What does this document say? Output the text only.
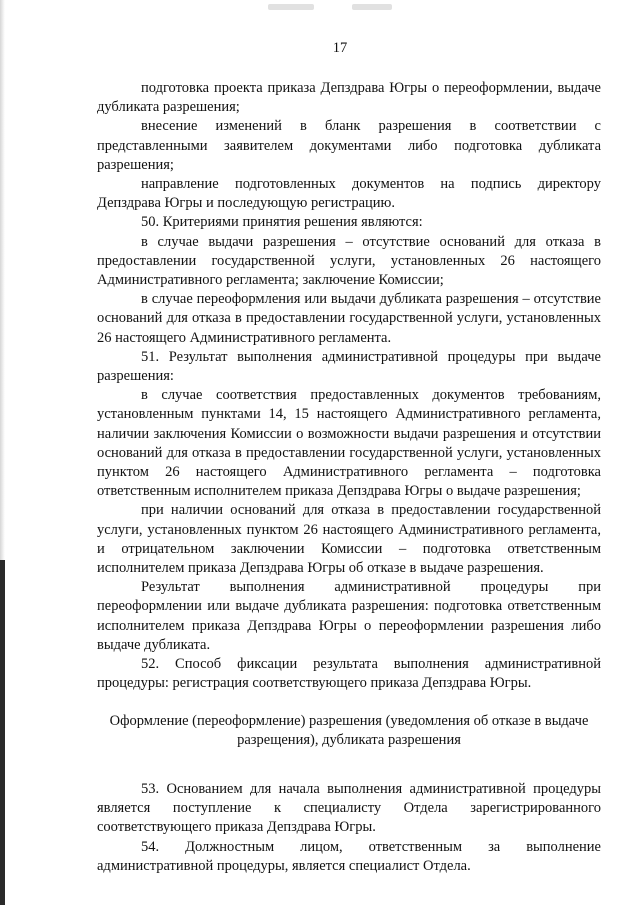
17

подготовка проекта приказа Депздрава Югры о переоформлении, выдаче дубликата разрешения;

внесение изменений в бланк разрешения в соответствии с представленными заявителем документами либо подготовка дубликата разрешения;

направление подготовленных документов на подпись директору Депздрава Югры и последующую регистрацию.

50. Критериями принятия решения являются:

в случае выдачи разрешения – отсутствие оснований для отказа в предоставлении государственной услуги, установленных 26 настоящего Административного регламента; заключение Комиссии;

в случае переоформления или выдачи дубликата разрешения – отсутствие оснований для отказа в предоставлении государственной услуги, установленных 26 настоящего Административного регламента.

51. Результат выполнения административной процедуры при выдаче разрешения:

в случае соответствия предоставленных документов требованиям, установленным пунктами 14, 15 настоящего Административного регламента, наличии заключения Комиссии о возможности выдачи разрешения и отсутствии оснований для отказа в предоставлении государственной услуги, установленных пунктом 26 настоящего Административного регламента – подготовка ответственным исполнителем приказа Депздрава Югры о выдаче разрешения;

при наличии оснований для отказа в предоставлении государственной услуги, установленных пунктом 26 настоящего Административного регламента, и отрицательном заключении Комиссии – подготовка ответственным исполнителем приказа Депздрава Югры об отказе в выдаче разрешения.

Результат выполнения административной процедуры при переоформлении или выдаче дубликата разрешения: подготовка ответственным исполнителем приказа Депздрава Югры о переоформлении разрешения либо выдаче дубликата.

52. Способ фиксации результата выполнения административной процедуры: регистрация соответствующего приказа Депздрава Югры.

Оформление (переоформление) разрешения (уведомления об отказе в выдаче разрещения), дубликата разрешения

53. Основанием для начала выполнения административной процедуры является поступление к специалисту Отдела зарегистрированного соответствующего приказа Депздрава Югры.

54. Должностным лицом, ответственным за выполнение административной процедуры, является специалист Отдела.
